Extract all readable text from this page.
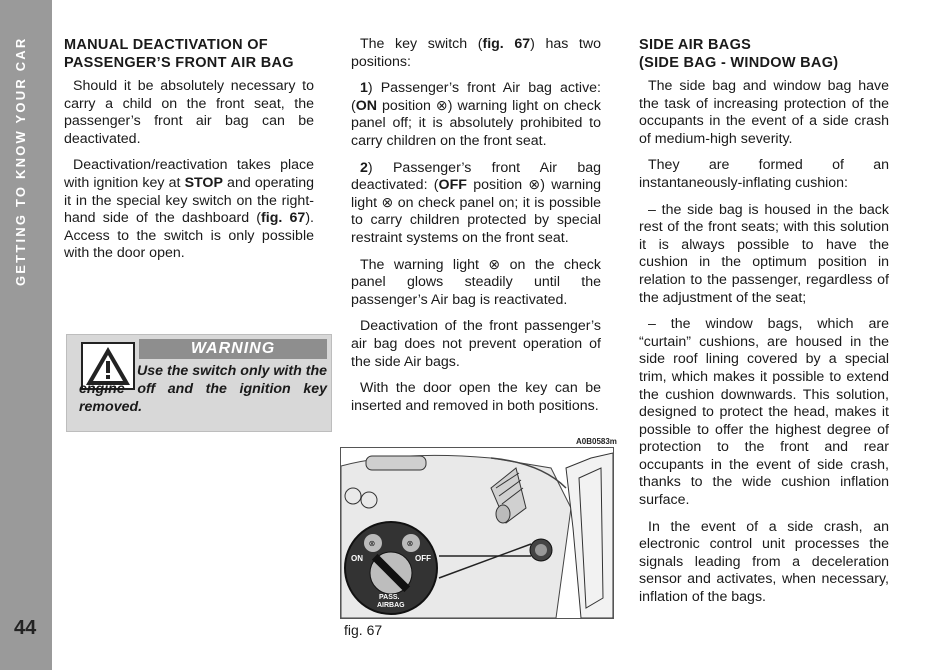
GETTING TO KNOW YOUR CAR
44
MANUAL DEACTIVATION OF
PASSENGER’S FRONT AIR BAG

Should it be absolutely necessary to carry a child on the front seat, the passenger’s front air bag can be deactivated.

Deactivation/reactivation takes place with ignition key at STOP and operating it in the special key switch on the right-hand side of the dashboard (fig. 67). Access to the switch is only possible with the door open.

WARNING
Use the switch only with the engine off and the ignition key removed.

The key switch (fig. 67) has two positions:

1) Passenger’s front Air bag active: (ON position ⊗) warning light on check panel off; it is absolutely prohibited to carry children on the front seat.

2) Passenger’s front Air bag deactivated: (OFF position ⊗) warning light ⊗ on check panel on; it is possible to carry children protected by special restraint systems on the front seat.

The warning light ⊗ on the check panel glows steadily until the passenger’s Air bag is reactivated.

Deactivation of the front passenger’s air bag does not prevent operation of the side Air bags.

With the door open the key can be inserted and removed in both positions.

A0B0583m
⊗	⊗
ON	OFF
PASS.
AIRBAG
fig. 67
SIDE AIR BAGS
(SIDE BAG - WINDOW BAG)

The side bag and window bag have the task of increasing protection of the occupants in the event of a side crash of medium-high severity.

They are formed of an instantaneously-inflating cushion:

– the side bag is housed in the back rest of the front seats; with this solution it is always possible to have the cushion in the optimum position in relation to the passenger, regardless of the adjustment of the seat;

– the window bags, which are “curtain” cushions, are housed in the side roof lining covered by a special trim, which makes it possible to extend the cushion downwards. This solution, designed to protect the head, makes it possible to offer the highest degree of protection to the front and rear occupants in the event of side crash, thanks to the wide cushion inflation surface.

In the event of a side crash, an electronic control unit processes the signals leading from a deceleration sensor and activates, when necessary, inflation of the bags.
